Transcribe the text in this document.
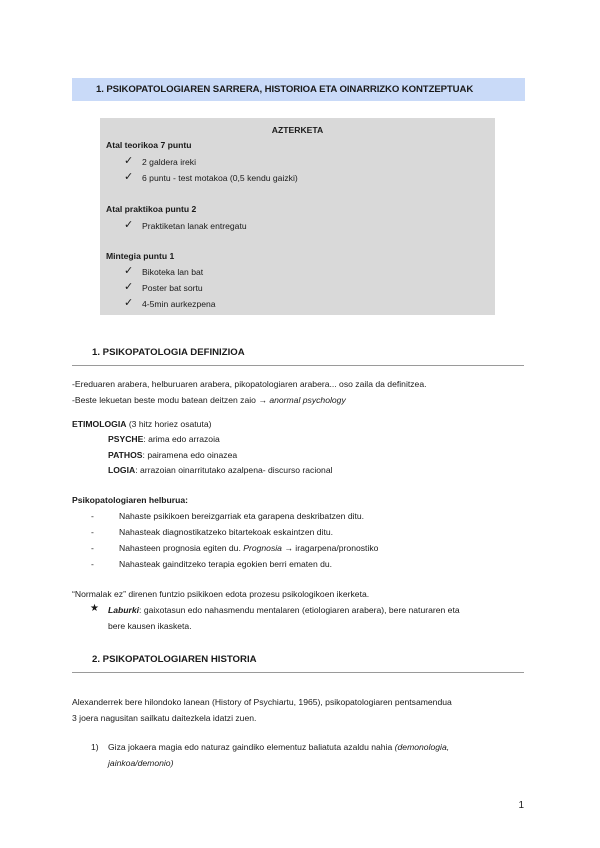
1. PSIKOPATOLOGIAREN SARRERA, HISTORIOA ETA OINARRIZKO KONTZEPTUAK
AZTERKETA
Atal teorikoa 7 puntu
✓ 2 galdera ireki
✓ 6 puntu - test motakoa (0,5 kendu gaizki)
Atal praktikoa puntu 2
✓ Praktiketan lanak entregatu
Mintegia puntu 1
✓ Bikoteka lan bat
✓ Poster bat sortu
✓ 4-5min aurkezpena
1. PSIKOPATOLOGIA DEFINIZIOA
-Ereduaren arabera, helburuaren arabera, pikopatologiaren arabera... oso zaila da definitzea.
-Beste lekuetan beste modu batean deitzen zaio → anormal psychology
ETIMOLOGIA (3 hitz horiez osatuta)
PSYCHE: arima edo arrazoia
PATHOS: pairamena edo oinazea
LOGIA: arrazoian oinarritutako azalpena- discurso racional
Psikopatologiaren helburua:
-	Nahaste psikikoen bereizgarriak eta garapena deskribatzen ditu.
-	Nahasteak diagnostikatzeko bitartekoak eskaintzen ditu.
-	Nahasteen prognosia egiten du. Prognosia → iragarpena/pronostiko
-	Nahasteak gainditzeko terapia egokien berri ematen du.
“Normalak ez” direnen funtzio psikikoen edota prozesu psikologikoen ikerketa.
★ Laburki: gaixotasun edo nahasmendu mentalaren (etiologiaren arabera), bere naturaren eta
bere kausen ikasketa.
2. PSIKOPATOLOGIAREN HISTORIA
Alexanderrek bere hilondoko lanean (History of Psychiartu, 1965), psikopatologiaren pentsamendua
3 joera nagusitan sailkatu daitezkela idatzi zuen.
1) Giza jokaera magia edo naturaz gaindiko elementuz baliatuta azaldu nahia (demonologia,
jainkoa/demonio)
1
